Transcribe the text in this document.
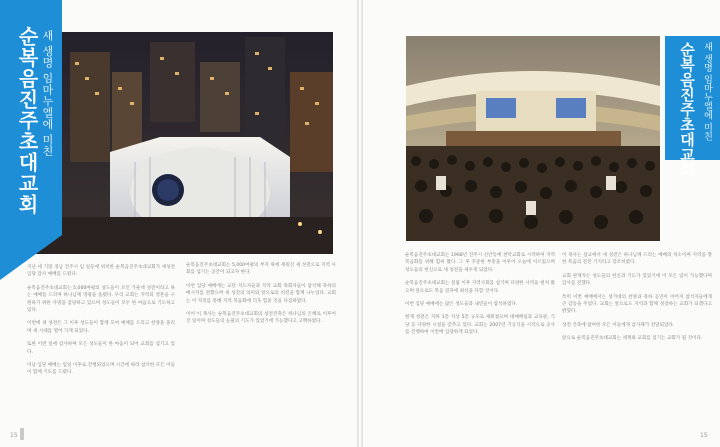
새 생명 임마누엘에 미친
순복음진주초대교회

지난 세 기밀 경남 진주시 임 일동에 위치한 순복음진주초대교회가 새성전 입당 감사 예배를 드렸다.

순복음진주초대교회는 5,000여평의 성도들이 모인 가운데 성전이라고 하는 예배를 드리며 하나님께 영광을 돌렸다. 우리 교회는 지역의 영혼을 구원하기 위한 사명을 감당하고 있으며 성도들이 모두 한 마음으로 기도하고 있다.

이번에 새 성전은 그 이후 성도들이 함께 모여 예배를 드리고 찬양을 올리며 새 시대를 열어 가게 되었다.

또한 이번 일에 감사하며 모든 성도들이 한 마음이 되어 교회를 섬기고 있다.

이날 입당 예배는 임일 이후로 진행되었으며 시간에 따라 참석한 모든 이들이 함께 기도를 드렸다.

순복음진주초대교회는 5,000여평의 부지 위에 세워진 새 성전으로 지역 사회를 섬기는 공간이 되고자 한다.

이번 입당 예배에는 교단 지도자들과 지역 교회 목회자들이 참석해 축하의 메시지를 전했으며 새 성전의 의미와 앞으로의 비전을 함께 나누었다. 교회는 이 자리를 통해 지역 복음화에 더욱 힘쓸 것을 다짐하였다.

이어 이 목사는 순복음진주초대교회의 성전건축은 하나님의 은혜로 이루어진 일이며 성도들의 눈물의 기도가 있었기에 가능했다고 고백하였다.

15
새 생명 임마누엘에 미친
순복음진주초대교회

순복음진주초대교회는 1968년 진주시 신안동에 천막교회로 시작하여 지역 복음화를 위해 힘써 왔다. 그 후 꾸준한 부흥을 이루어 오늘에 이르렀으며 성도들의 헌신으로 새 성전을 세우게 되었다.

순복음진주초대교회는 설립 이후 지역사회를 섬기며 다양한 사역을 펼쳐 왔으며 앞으로도 복음 전파에 최선을 다할 것이다.

이번 입당 예배에는 많은 성도들과 내빈들이 참석하였다.

현재 성전은 지하 1층 지상 5층 규모로 세워졌으며 대예배실과 교육관, 식당 등 다양한 시설을 갖추고 있다. 교회는 2007년 기공식을 시작으로 공사를 진행하여 이번에 입당하게 되었다.

이 목사는 설교에서 새 성전은 하나님께 드리는 예배의 처소이며 지역을 향한 복음의 전진 기지라고 강조하였다.

교회 관계자는 성도들의 헌신과 기도가 있었기에 이 모든 일이 가능했다며 감사를 전했다.

특히 이번 예배에서는 성가대의 찬양과 축하 공연이 이어져 참석자들에게 큰 감동을 주었다. 교회는 앞으로도 지역과 함께 성장하는 교회가 되겠다고 밝혔다.

성전 건축에 참여한 모든 이들에게 감사패가 전달되었다.

앞으로 순복음진주초대교회는 세계와 교회를 섬기는 교회가 될 것이다.

15
